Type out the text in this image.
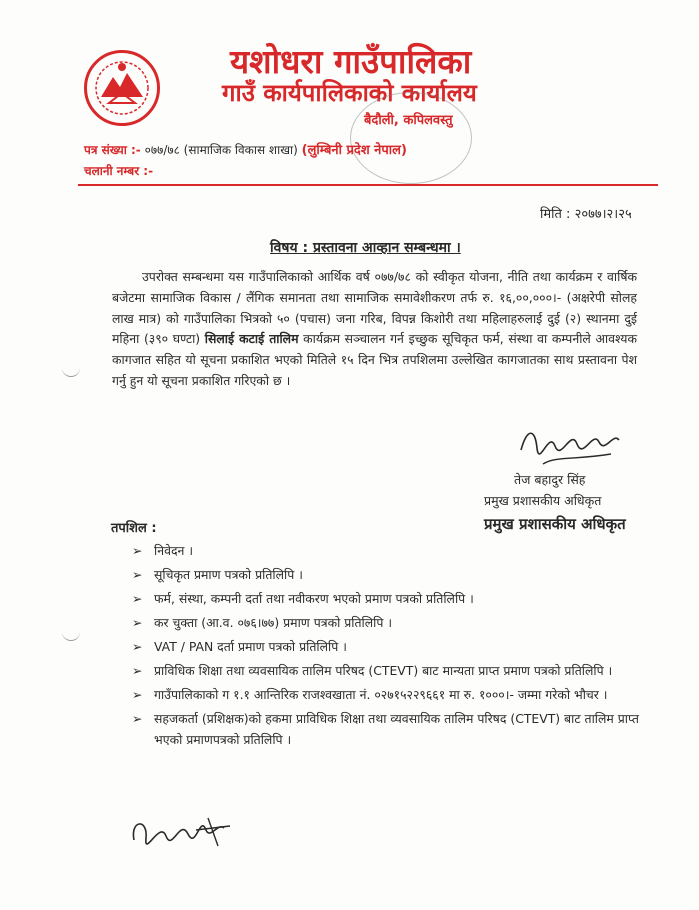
यशोधरा गाउँपालिका
गाउँ कार्यपालिकाको कार्यालय
बैदौली, कपिलवस्तु
पत्र संख्या :- ०७७/७८ (सामाजिक विकास शाखा) (लुम्बिनी प्रदेश नेपाल)
चलानी नम्बर :-
मिति : २०७७।२।२५
विषय : प्रस्तावना आव्हान सम्बन्धमा ।
उपरोक्त सम्बन्धमा यस गाउँपालिकाको आर्थिक वर्ष ०७७/७८ को स्वीकृत योजना, नीति तथा कार्यक्रम र वार्षिक बजेटमा सामाजिक विकास / लैंगिक समानता तथा सामाजिक समावेशीकरण तर्फ रु. १६,००,०००।- (अक्षरेपी सोलह लाख मात्र) को गाउँपालिका भित्रको ५० (पचास) जना गरिब, विपन्न किशोरी तथा महिलाहरुलाई दुई (२) स्थानमा दुई महिना (३९० घण्टा) सिलाई कटाई तालिम कार्यक्रम सञ्चालन गर्न इच्छुक सूचिकृत फर्म, संस्था वा कम्पनीले आवश्यक कागजात सहित यो सूचना प्रकाशित भएको मितिले १५ दिन भित्र तपशिलमा उल्लेखित कागजातका साथ प्रस्तावना पेश गर्नु हुन यो सूचना प्रकाशित गरिएको छ ।
तेज बहादुर सिंह
प्रमुख प्रशासकीय अधिकृत
प्रमुख प्रशासकीय अधिकृत
तपशिल :
➢ निवेदन ।
➢ सूचिकृत प्रमाण पत्रको प्रतिलिपि ।
➢ फर्म, संस्था, कम्पनी दर्ता तथा नवीकरण भएको प्रमाण पत्रको प्रतिलिपि ।
➢ कर चुक्ता (आ.व. ०७६।७७) प्रमाण पत्रको प्रतिलिपि ।
➢ VAT / PAN दर्ता प्रमाण पत्रको प्रतिलिपि ।
➢ प्राविधिक शिक्षा तथा व्यवसायिक तालिम परिषद (CTEVT) बाट मान्यता प्राप्त प्रमाण पत्रको प्रतिलिपि ।
➢ गाउँपालिकाको ग १.१ आन्तिरिक राजश्वखाता नं. ०२७१५२२९६६१ मा रु. १०००।- जम्मा गरेको भौचर ।
➢ सहजकर्ता (प्रशिक्षक)को हकमा प्राविधिक शिक्षा तथा व्यवसायिक तालिम परिषद (CTEVT) बाट तालिम प्राप्त भएको प्रमाणपत्रको प्रतिलिपि ।
